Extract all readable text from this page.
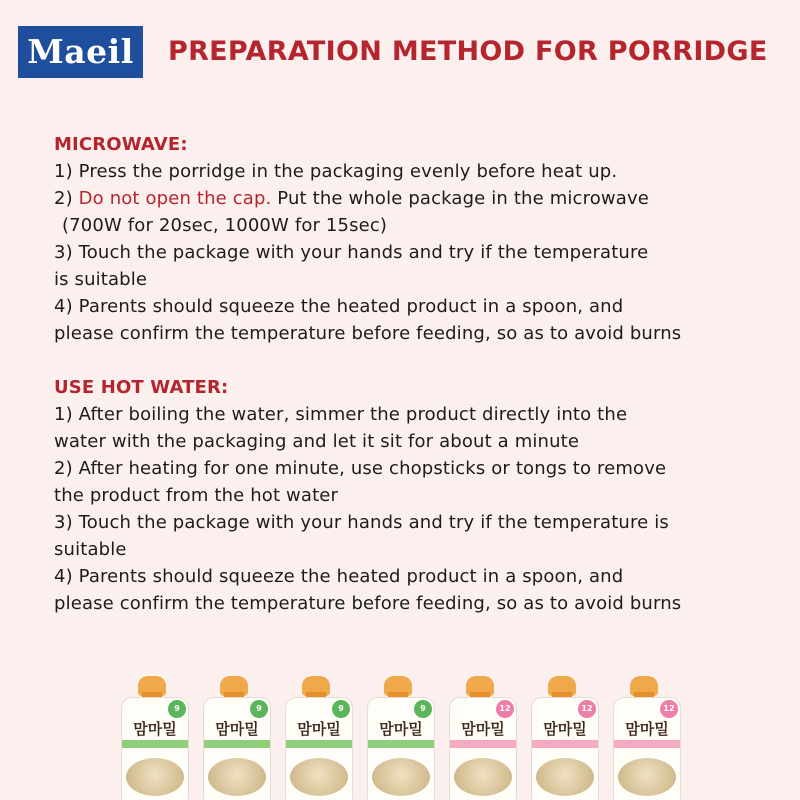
Maeil	PREPARATION METHOD FOR PORRIDGE
MICROWAVE:
1) Press the porridge in the packaging evenly before heat up.
2) Do not open the cap. Put the whole package in the microwave
(700W for 20sec, 1000W for 15sec)
3) Touch the package with your hands and try if the temperature
is suitable
4) Parents should squeeze the heated product in a spoon, and
please confirm the temperature before feeding, so as to avoid burns
USE HOT WATER:
1) After boiling the water, simmer the product directly into the
water with the packaging and let it sit for about a minute
2) After heating for one minute, use chopsticks or tongs to remove
the product from the hot water
3) Touch the package with your hands and try if the temperature is
suitable
4) Parents should squeeze the heated product in a spoon, and
please confirm the temperature before feeding, so as to avoid burns
9
맘마밀
9
맘마밀
9
맘마밀
9
맘마밀
12
맘마밀
12
맘마밀
12
맘마밀
